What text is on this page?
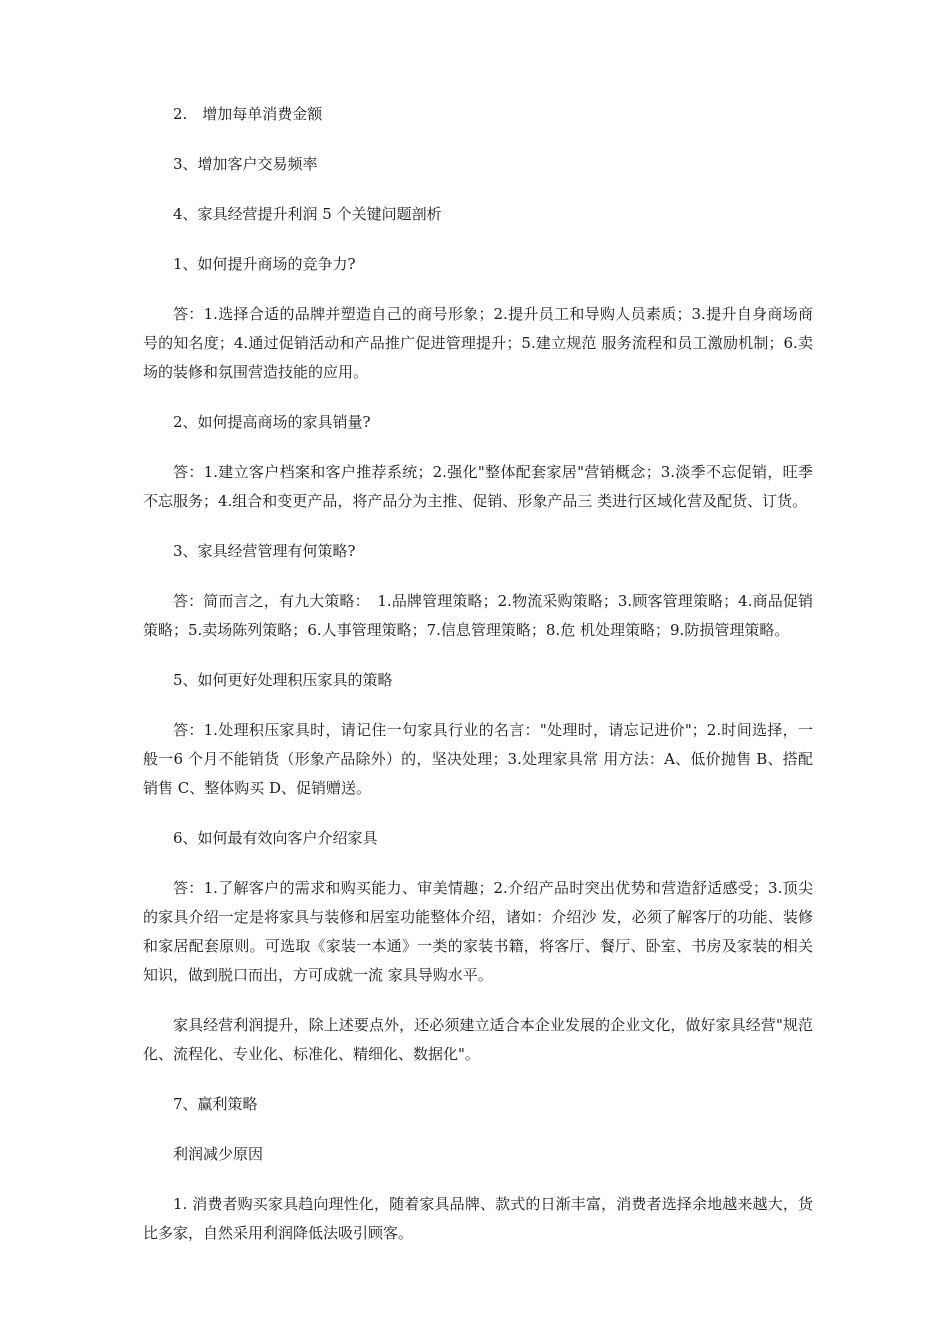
2.　增加每单消费金额

3、增加客户交易频率

4、家具经营提升利润 5 个关键问题剖析

1、如何提升商场的竞争力?

答：1.选择合适的品牌并塑造自己的商号形象；2.提升员工和导购人员素质；3.提升自身商场商号的知名度；4.通过促销活动和产品推广促进管理提升；5.建立规范 服务流程和员工激励机制；6.卖场的装修和氛围营造技能的应用。

2、如何提高商场的家具销量?

答：1.建立客户档案和客户推荐系统；2.强化"整体配套家居"营销概念；3.淡季不忘促销，旺季不忘服务；4.组合和变更产品，将产品分为主推、促销、形象产品三 类进行区域化营及配货、订货。

3、家具经营管理有何策略?

答：简而言之，有九大策略：　1.品牌管理策略；2.物流采购策略；3.顾客管理策略；4.商品促销策略；5.卖场陈列策略；6.人事管理策略；7.信息管理策略；8.危 机处理策略；9.防损管理策略。

5、如何更好处理积压家具的策略

答：1.处理积压家具时，请记住一句家具行业的名言："处理时，请忘记进价"；2.时间选择，一般一6 个月不能销货（形象产品除外）的，坚决处理；3.处理家具常 用方法：A、低价抛售 B、搭配销售 C、整体购买 D、促销赠送。

6、如何最有效向客户介绍家具

答：1.了解客户的需求和购买能力、审美情趣；2.介绍产品时突出优势和营造舒适感受；3.顶尖的家具介绍一定是将家具与装修和居室功能整体介绍，诸如：介绍沙 发，必须了解客厅的功能、装修和家居配套原则。可选取《家装一本通》一类的家装书籍，将客厅、餐厅、卧室、书房及家装的相关知识，做到脱口而出，方可成就一流 家具导购水平。

家具经营利润提升，除上述要点外，还必须建立适合本企业发展的企业文化，做好家具经营"规范化、流程化、专业化、标准化、精细化、数据化"。

7、赢利策略

利润减少原因

1. 消费者购买家具趋向理性化，随着家具品牌、款式的日渐丰富，消费者选择余地越来越大，货比多家，自然采用利润降低法吸引顾客。
